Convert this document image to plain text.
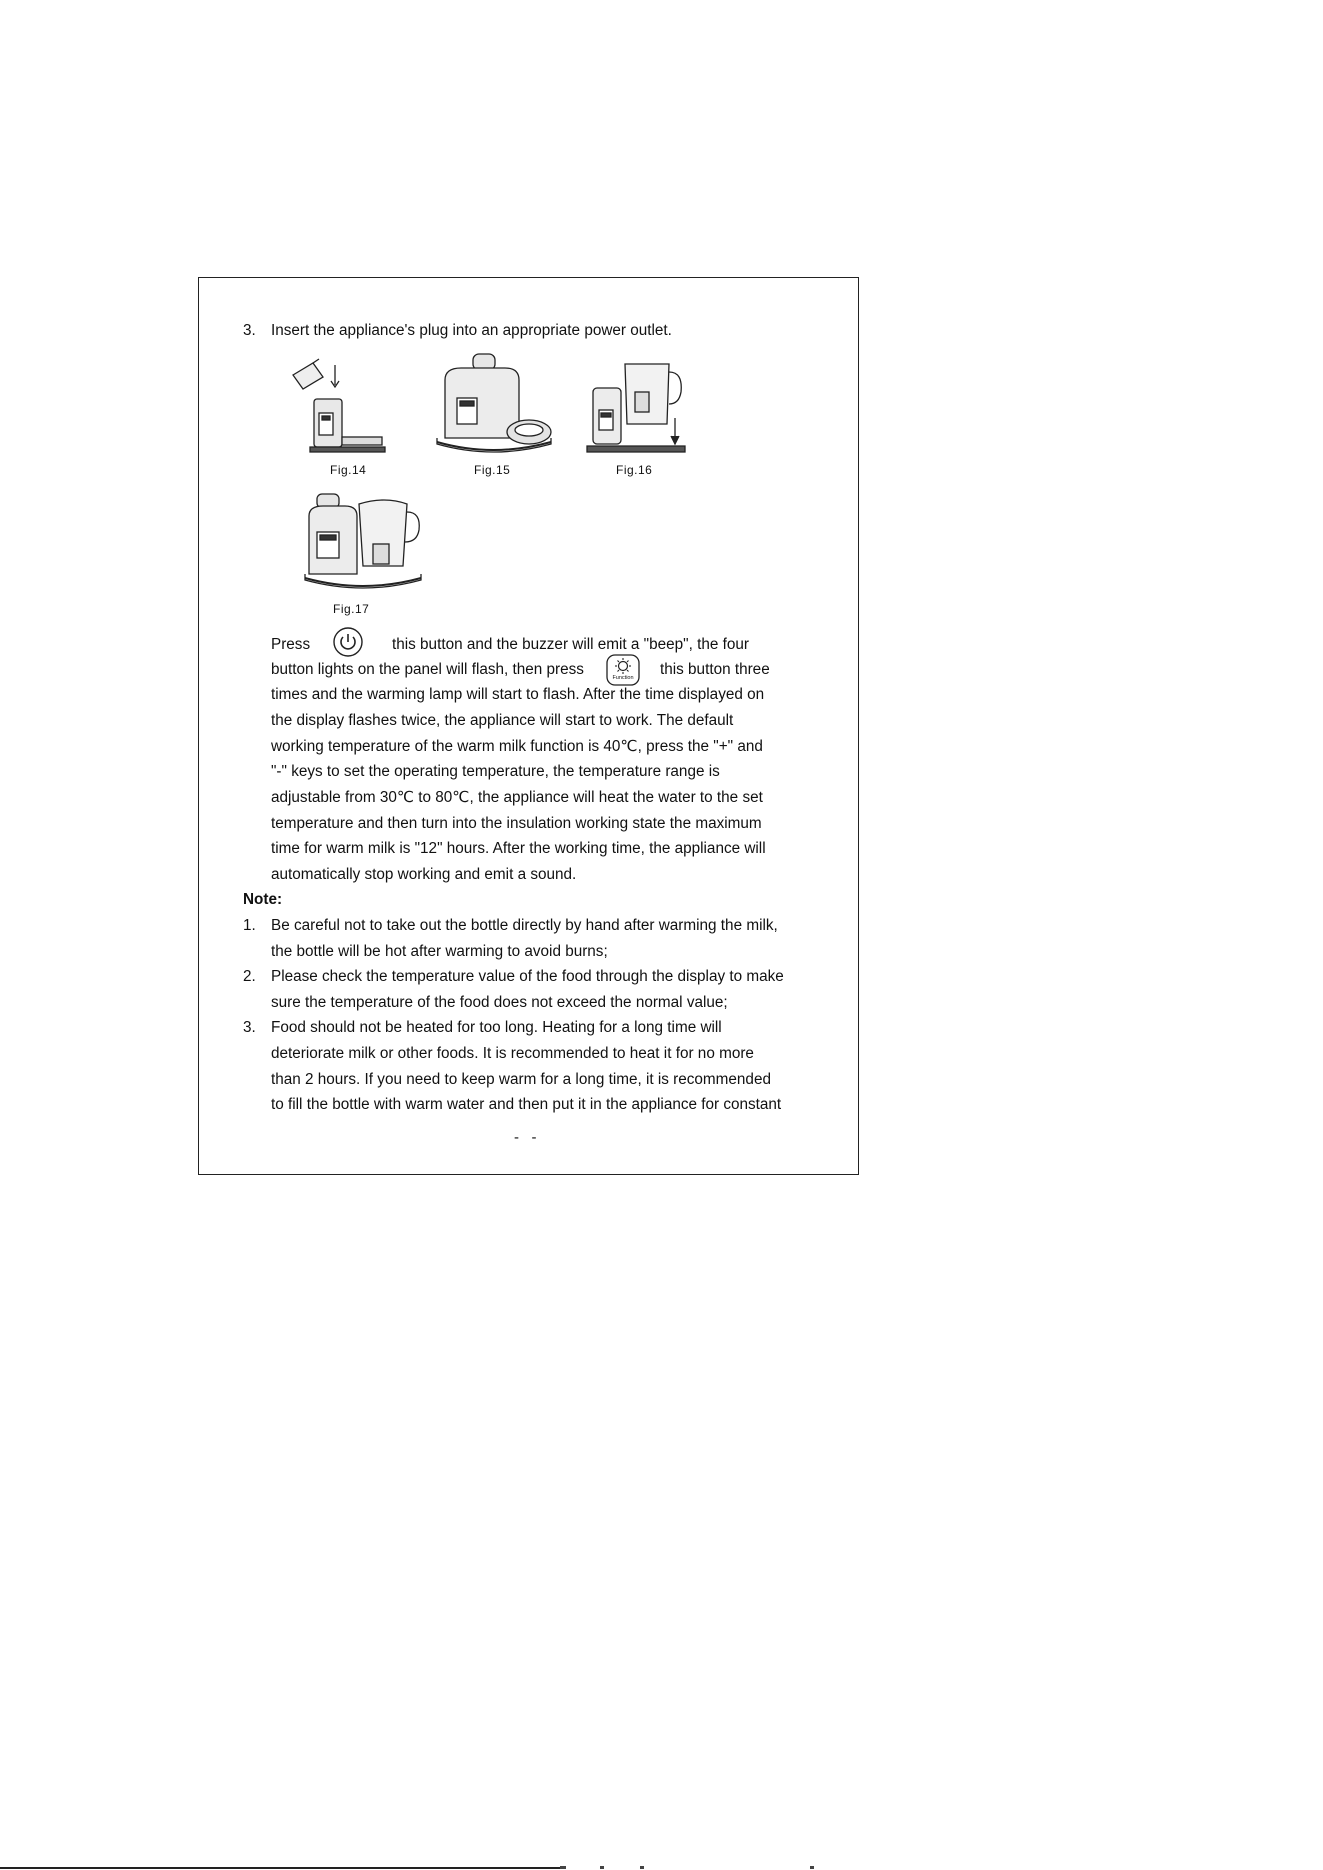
3. Insert the appliance's plug into an appropriate power outlet.
Fig.14	Fig.15	Fig.16
Fig.17
Press	this button and the buzzer will emit a "beep", the four
button lights on the panel will flash, then press	Function	this button three
times and the warming lamp will start to flash. After the time displayed on
the display flashes twice, the appliance will start to work. The default
working temperature of the warm milk function is 40℃, press the "+" and
"-" keys to set the operating temperature, the temperature range is
adjustable from 30℃ to 80℃, the appliance will heat the water to the set
temperature and then turn into the insulation working state the maximum
time for warm milk is "12" hours. After the working time, the appliance will
automatically stop working and emit a sound.
Note:
1. Be careful not to take out the bottle directly by hand after warming the milk,
the bottle will be hot after warming to avoid burns;
2. Please check the temperature value of the food through the display to make
sure the temperature of the food does not exceed the normal value;
3. Food should not be heated for too long. Heating for a long time will
deteriorate milk or other foods. It is recommended to heat it for no more
than 2 hours. If you need to keep warm for a long time, it is recommended
to fill the bottle with warm water and then put it in the appliance for constant
-   -
